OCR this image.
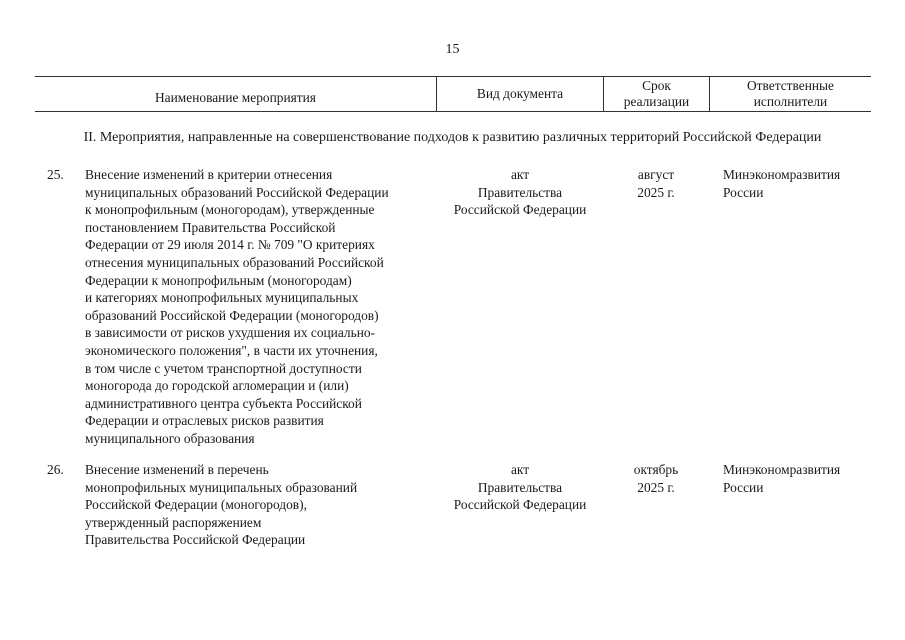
15
Наименование мероприятия	Вид документа
Срок
реализации
Ответственные
исполнители
II. Мероприятия, направленные на совершенствование подходов к развитию различных территорий Российской Федерации
25. Внесение изменений в критерии отнесения
муниципальных образований Российской Федерации
к монопрофильным (моногородам), утвержденные
постановлением Правительства Российской
Федерации от 29 июля 2014 г. № 709 "О критериях
отнесения муниципальных образований Российской
Федерации к монопрофильным (моногородам)
и категориях монопрофильных муниципальных
образований Российской Федерации (моногородов)
в зависимости от рисков ухудшения их социально-
экономического положения", в части их уточнения,
в том числе с учетом транспортной доступности
моногорода до городской агломерации и (или)
административного центра субъекта Российской
Федерации и отраслевых рисков развития
муниципального образования
акт
Правительства
Российской Федерации
август
2025 г.
Минэкономразвития
России
26. Внесение изменений в перечень
монопрофильных муниципальных образований
Российской Федерации (моногородов),
утвержденный распоряжением
Правительства Российской Федерации
акт
Правительства
Российской Федерации
октябрь
2025 г.
Минэкономразвития
России
